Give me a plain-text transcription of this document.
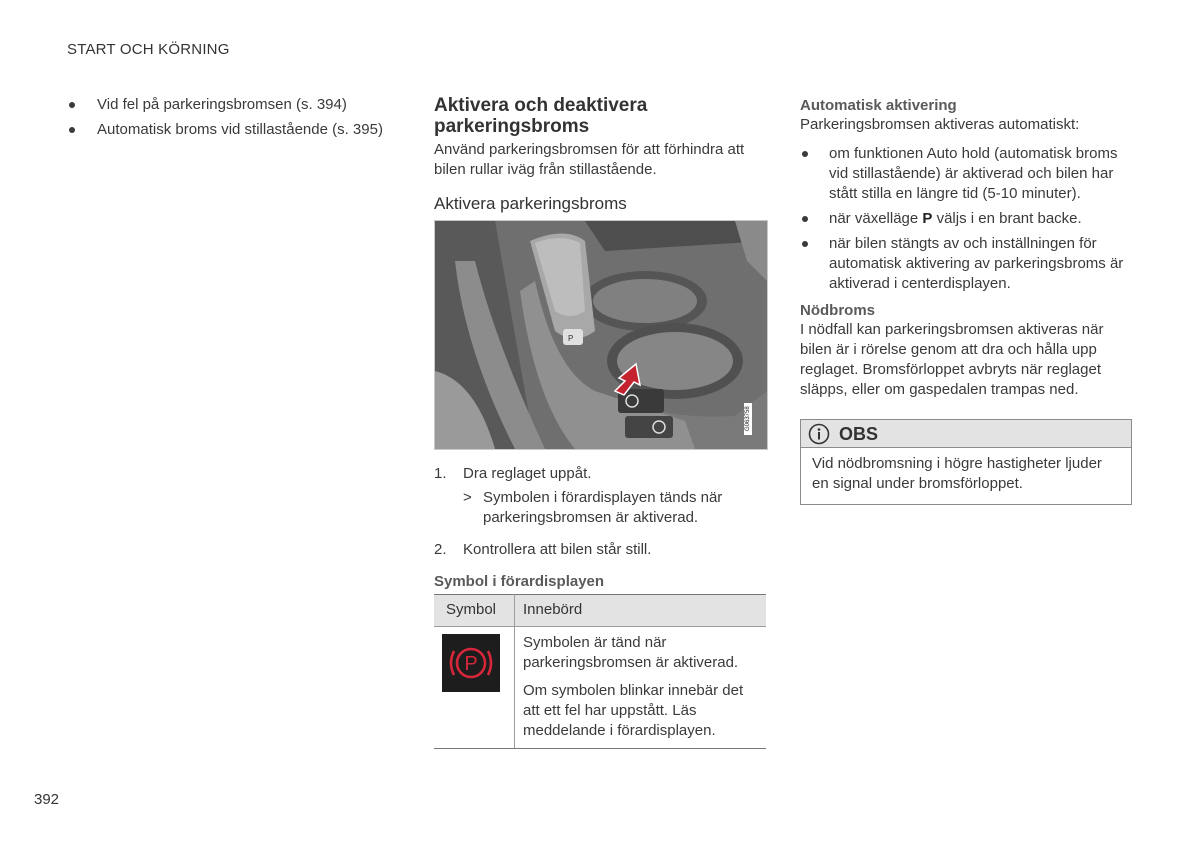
START OCH KÖRNING
Vid fel på parkeringsbromsen (s. 394)
Automatisk broms vid stillastående (s. 395)
Aktivera och deaktivera parkeringsbroms
Använd parkeringsbromsen för att förhindra att bilen rullar iväg från stillastående.
Aktivera parkeringsbroms
P
G063758
1. Dra reglaget uppåt.
> Symbolen i förardisplayen tänds när parkeringsbromsen är aktiverad.
2. Kontrollera att bilen står still.
Symbol i förardisplayen
Symbol	Innebörd

P	Symbolen är tänd när parkeringsbromsen är aktiverad.

Om symbolen blinkar innebär det att ett fel har uppstått. Läs meddelande i förardisplayen.

Automatisk aktivering

Parkeringsbromsen aktiveras automatiskt:

om funktionen Auto hold (automatisk broms vid stillastående) är aktiverad och bilen har stått stilla en längre tid (5-10 minuter).
när växelläge P väljs i en brant backe.
när bilen stängts av och inställningen för automatisk aktivering av parkeringsbroms är aktiverad i centerdisplayen.
Nödbroms

I nödfall kan parkeringsbromsen aktiveras när bilen är i rörelse genom att dra och hålla upp reglaget. Bromsförloppet avbryts när reglaget släpps, eller om gaspedalen trampas ned.

OBS
Vid nödbromsning i högre hastigheter ljuder en signal under bromsförloppet.
392
